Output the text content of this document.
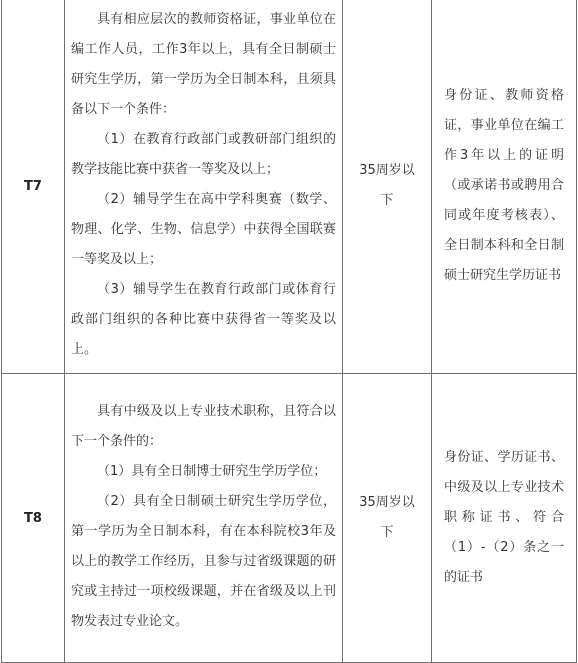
T7	具有相应层次的教师资格证，事业单位在编工作人员，工作3年以上，具有全日制硕士研究生学历，第一学历为全日制本科，且须具备以下一个条件：

（1）在教育行政部门或教研部门组织的教学技能比赛中获省一等奖及以上；

（2）辅导学生在高中学科奥赛（数学、物理、化学、生物、信息学）中获得全国联赛一等奖及以上；

（3）辅导学生在教育行政部门或体育行政部门组织的各种比赛中获得省一等奖及以上。	35周岁以下	身份证、教师资格证，事业单位在编工作3年以上的证明（或承诺书或聘用合同或年度考核表）、全日制本科和全日制硕士研究生学历证书
T8	具有中级及以上专业技术职称，且符合以下一个条件的：

（1）具有全日制博士研究生学历学位；

（2）具有全日制硕士研究生学历学位，第一学历为全日制本科，有在本科院校3年及以上的教学工作经历，且参与过省级课题的研究或主持过一项校级课题，并在省级及以上刊物发表过专业论文。	35周岁以下	身份证、学历证书、中级及以上专业技术职称证书、符合（1）-（2）条之一的证书
